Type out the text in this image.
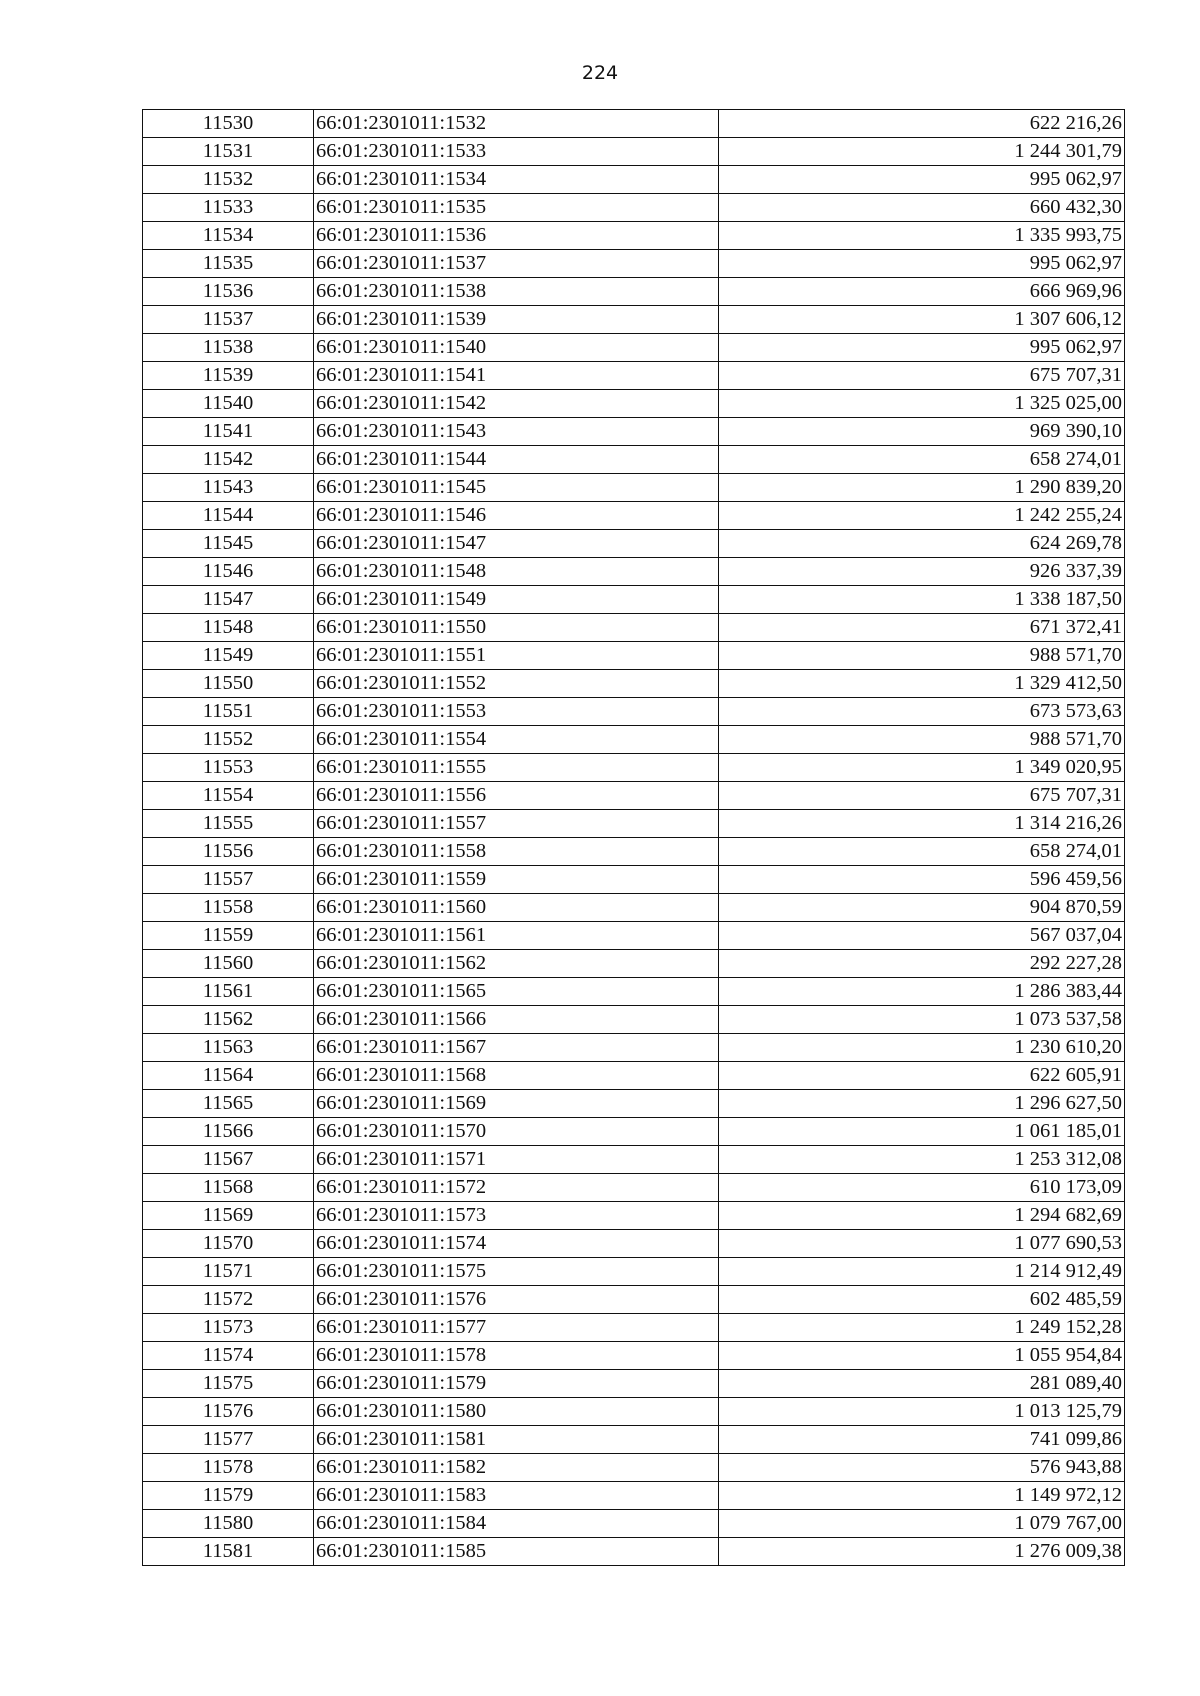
224
11530	66:01:2301011:1532	622 216,26
11531	66:01:2301011:1533	1 244 301,79
11532	66:01:2301011:1534	995 062,97
11533	66:01:2301011:1535	660 432,30
11534	66:01:2301011:1536	1 335 993,75
11535	66:01:2301011:1537	995 062,97
11536	66:01:2301011:1538	666 969,96
11537	66:01:2301011:1539	1 307 606,12
11538	66:01:2301011:1540	995 062,97
11539	66:01:2301011:1541	675 707,31
11540	66:01:2301011:1542	1 325 025,00
11541	66:01:2301011:1543	969 390,10
11542	66:01:2301011:1544	658 274,01
11543	66:01:2301011:1545	1 290 839,20
11544	66:01:2301011:1546	1 242 255,24
11545	66:01:2301011:1547	624 269,78
11546	66:01:2301011:1548	926 337,39
11547	66:01:2301011:1549	1 338 187,50
11548	66:01:2301011:1550	671 372,41
11549	66:01:2301011:1551	988 571,70
11550	66:01:2301011:1552	1 329 412,50
11551	66:01:2301011:1553	673 573,63
11552	66:01:2301011:1554	988 571,70
11553	66:01:2301011:1555	1 349 020,95
11554	66:01:2301011:1556	675 707,31
11555	66:01:2301011:1557	1 314 216,26
11556	66:01:2301011:1558	658 274,01
11557	66:01:2301011:1559	596 459,56
11558	66:01:2301011:1560	904 870,59
11559	66:01:2301011:1561	567 037,04
11560	66:01:2301011:1562	292 227,28
11561	66:01:2301011:1565	1 286 383,44
11562	66:01:2301011:1566	1 073 537,58
11563	66:01:2301011:1567	1 230 610,20
11564	66:01:2301011:1568	622 605,91
11565	66:01:2301011:1569	1 296 627,50
11566	66:01:2301011:1570	1 061 185,01
11567	66:01:2301011:1571	1 253 312,08
11568	66:01:2301011:1572	610 173,09
11569	66:01:2301011:1573	1 294 682,69
11570	66:01:2301011:1574	1 077 690,53
11571	66:01:2301011:1575	1 214 912,49
11572	66:01:2301011:1576	602 485,59
11573	66:01:2301011:1577	1 249 152,28
11574	66:01:2301011:1578	1 055 954,84
11575	66:01:2301011:1579	281 089,40
11576	66:01:2301011:1580	1 013 125,79
11577	66:01:2301011:1581	741 099,86
11578	66:01:2301011:1582	576 943,88
11579	66:01:2301011:1583	1 149 972,12
11580	66:01:2301011:1584	1 079 767,00
11581	66:01:2301011:1585	1 276 009,38
